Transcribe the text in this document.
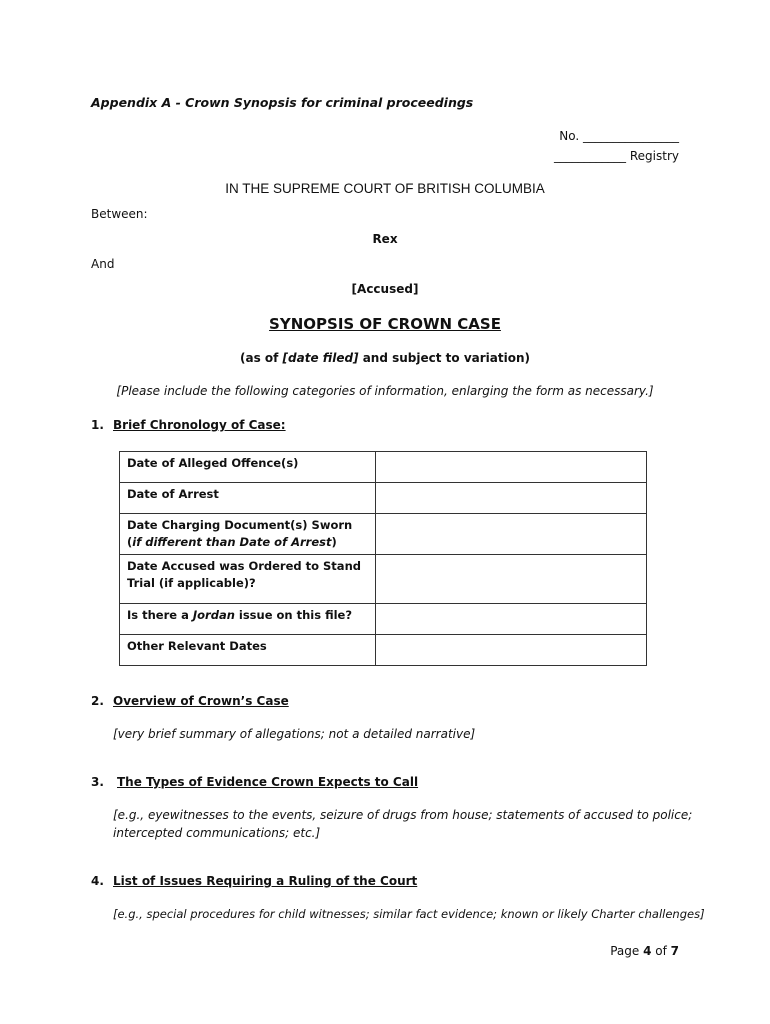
Appendix A - Crown Synopsis for criminal proceedings
No. ________________
____________ Registry
IN THE SUPREME COURT OF BRITISH COLUMBIA
Between:
Rex
And
[Accused]
SYNOPSIS OF CROWN CASE
(as of [date filed] and subject to variation)
[Please include the following categories of information, enlarging the form as necessary.]
1. Brief Chronology of Case:
Date of Alleged Offence(s)	
Date of Arrest	
Date Charging Document(s) Sworn (if different than Date of Arrest)	
Date Accused was Ordered to Stand Trial (if applicable)?	
Is there a Jordan issue on this file?	
Other Relevant Dates	
2. Overview of Crown’s Case
[very brief summary of allegations; not a detailed narrative]
3. The Types of Evidence Crown Expects to Call
[e.g., eyewitnesses to the events, seizure of drugs from house; statements of accused to police;
intercepted communications; etc.]
4. List of Issues Requiring a Ruling of the Court
[e.g., special procedures for child witnesses; similar fact evidence; known or likely Charter challenges]
Page 4 of 7
